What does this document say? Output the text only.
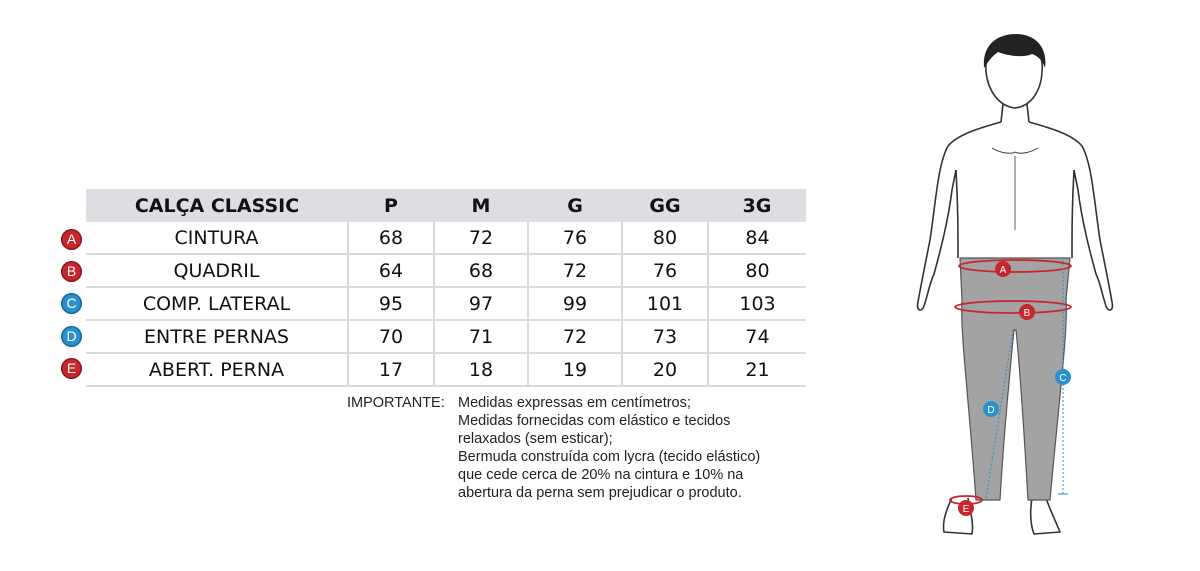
CALÇA CLASSIC	P	M	G	GG	3G
CINTURA	68	72	76	80	84
QUADRIL	64	68	72	76	80
COMP. LATERAL	95	97	99	101	103
ENTRE PERNAS	70	71	72	73	74
ABERT. PERNA	17	18	19	20	21
A
B
C
D
E
IMPORTANTE: Medidas expressas em centímetros;
Medidas fornecidas com elástico e tecidos
relaxados (sem esticar);
Bermuda construída com lycra (tecido elástico)
que cede cerca de 20% na cintura e 10% na
abertura da perna sem prejudicar o produto.
A
B
C
D
E
